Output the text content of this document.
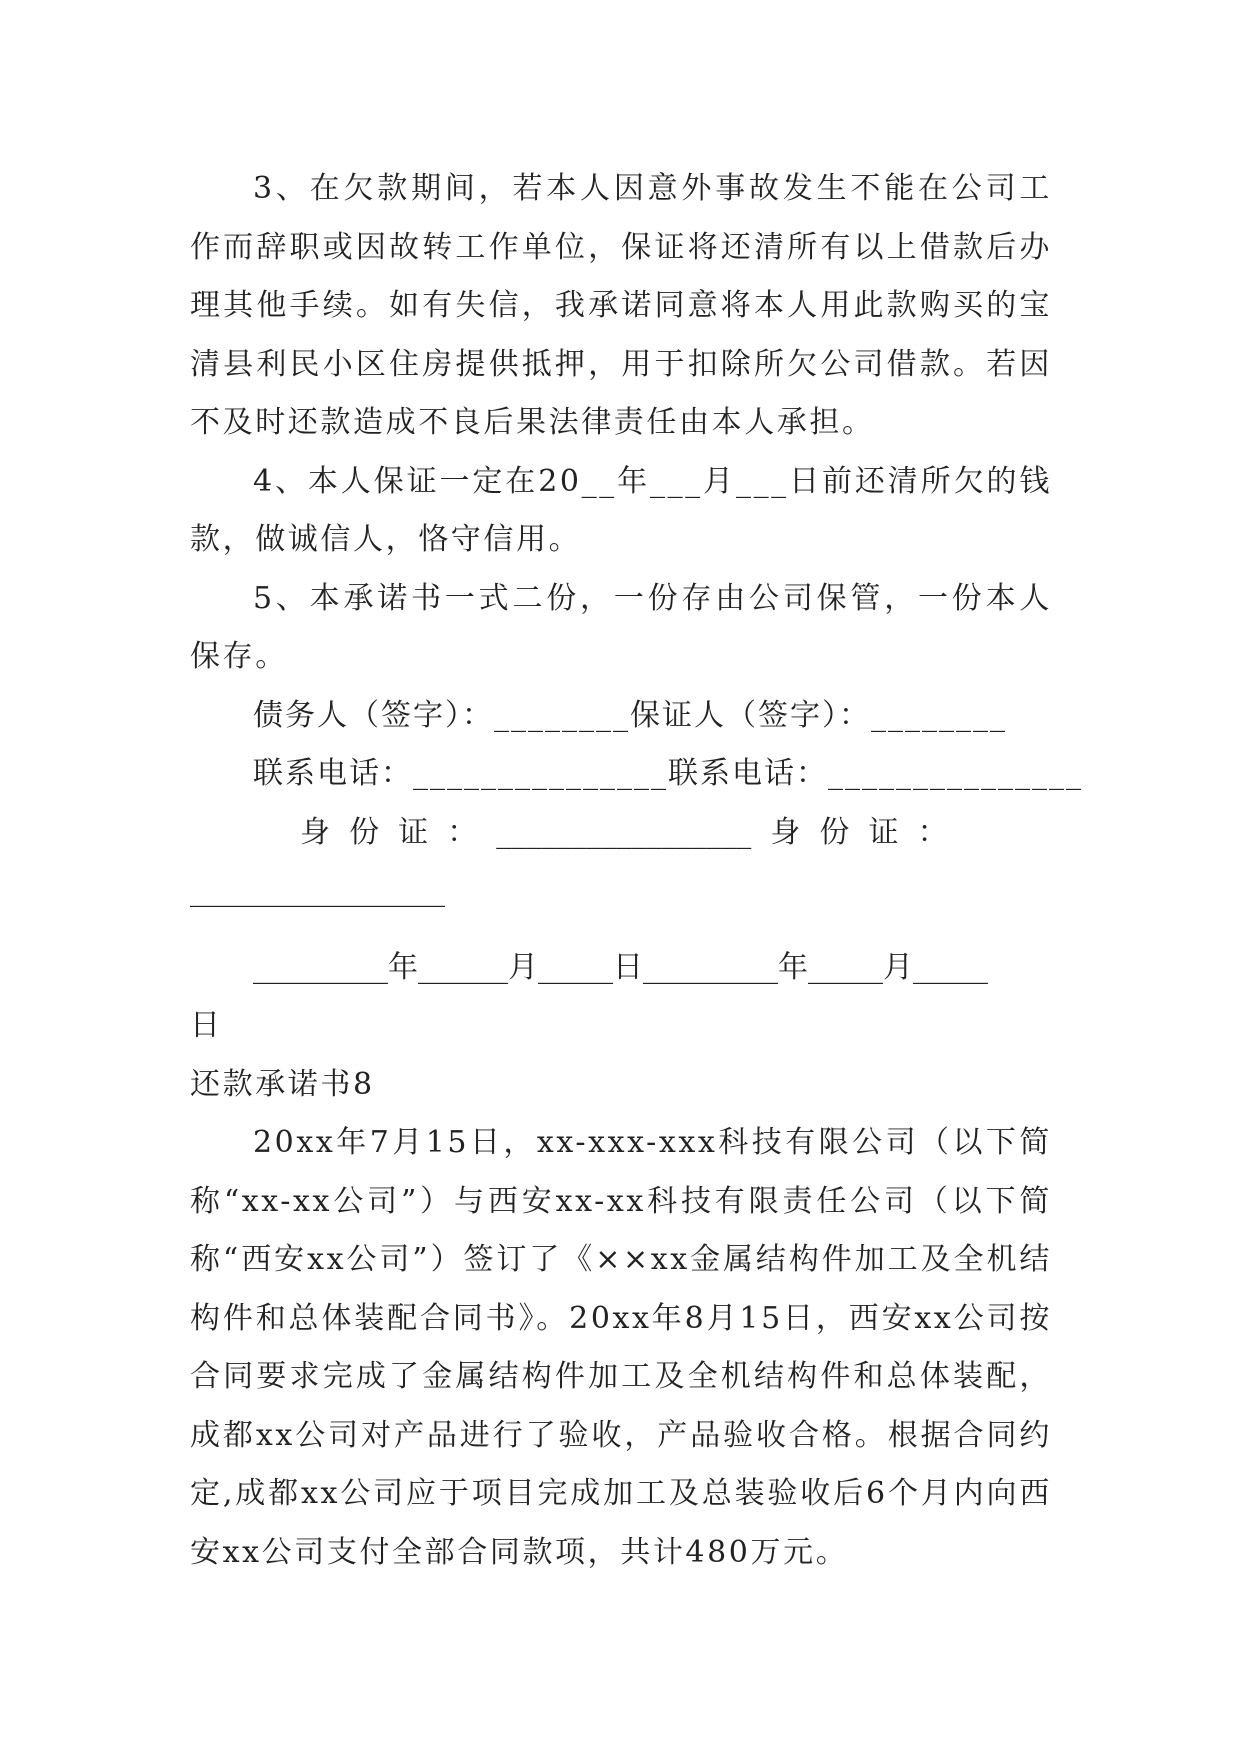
3、在欠款期间，若本人因意外事故发生不能在公司工作而辞职或因故转工作单位，保证将还清所有以上借款后办理其他手续。如有失信，我承诺同意将本人用此款购买的宝清县利民小区住房提供抵押，用于扣除所欠公司借款。若因不及时还款造成不良后果法律责任由本人承担。

4、本人保证一定在20__年___月___日前还清所欠的钱款，做诚信人，恪守信用。

5、本承诺书一式二份，一份存由公司保管，一份本人保存。

债务人（签字）：________保证人（签字）：________

联系电话：_______________联系电话：_______________

身  份  证  ：  _________________  身  份  证  ：

_________________

_________年______月_____日_________年_____月_____

日

还款承诺书8

20xx年7月15日，xx-xxx-xxx科技有限公司（以下简称“xx-xx公司”）与西安xx-xx科技有限责任公司（以下简称“西安xx公司”）签订了《××xx金属结构件加工及全机结构件和总体装配合同书》。20xx年8月15日，西安xx公司按合同要求完成了金属结构件加工及全机结构件和总体装配，成都xx公司对产品进行了验收，产品验收合格。根据合同约定,成都xx公司应于项目完成加工及总装验收后6个月内向西安xx公司支付全部合同款项，共计480万元。
